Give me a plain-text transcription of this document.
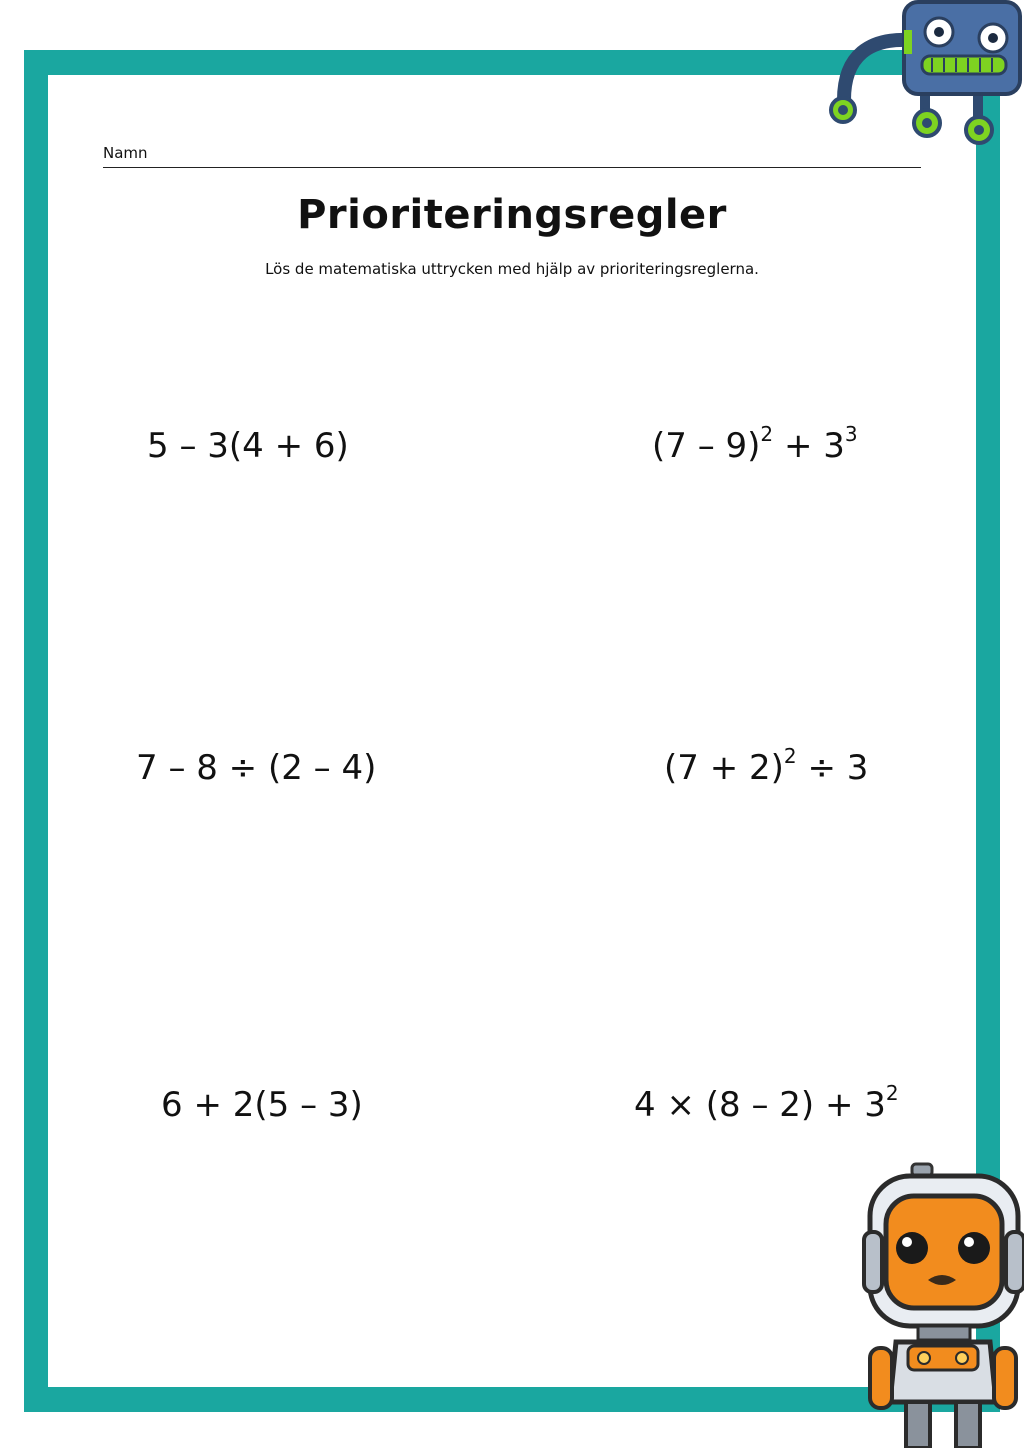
Namn
Prioriteringsregler
Lös de matematiska uttrycken med hjälp av prioriteringsreglerna.
5 – 3(4 + 6)	$(7 - 9)^2 + 3^3$
7 – 8 ÷ (2 – 4)	$(7 + 2)^2 \div 3$
6 + 2(5 – 3)	$4 \times (8 - 2) + 3^2$
